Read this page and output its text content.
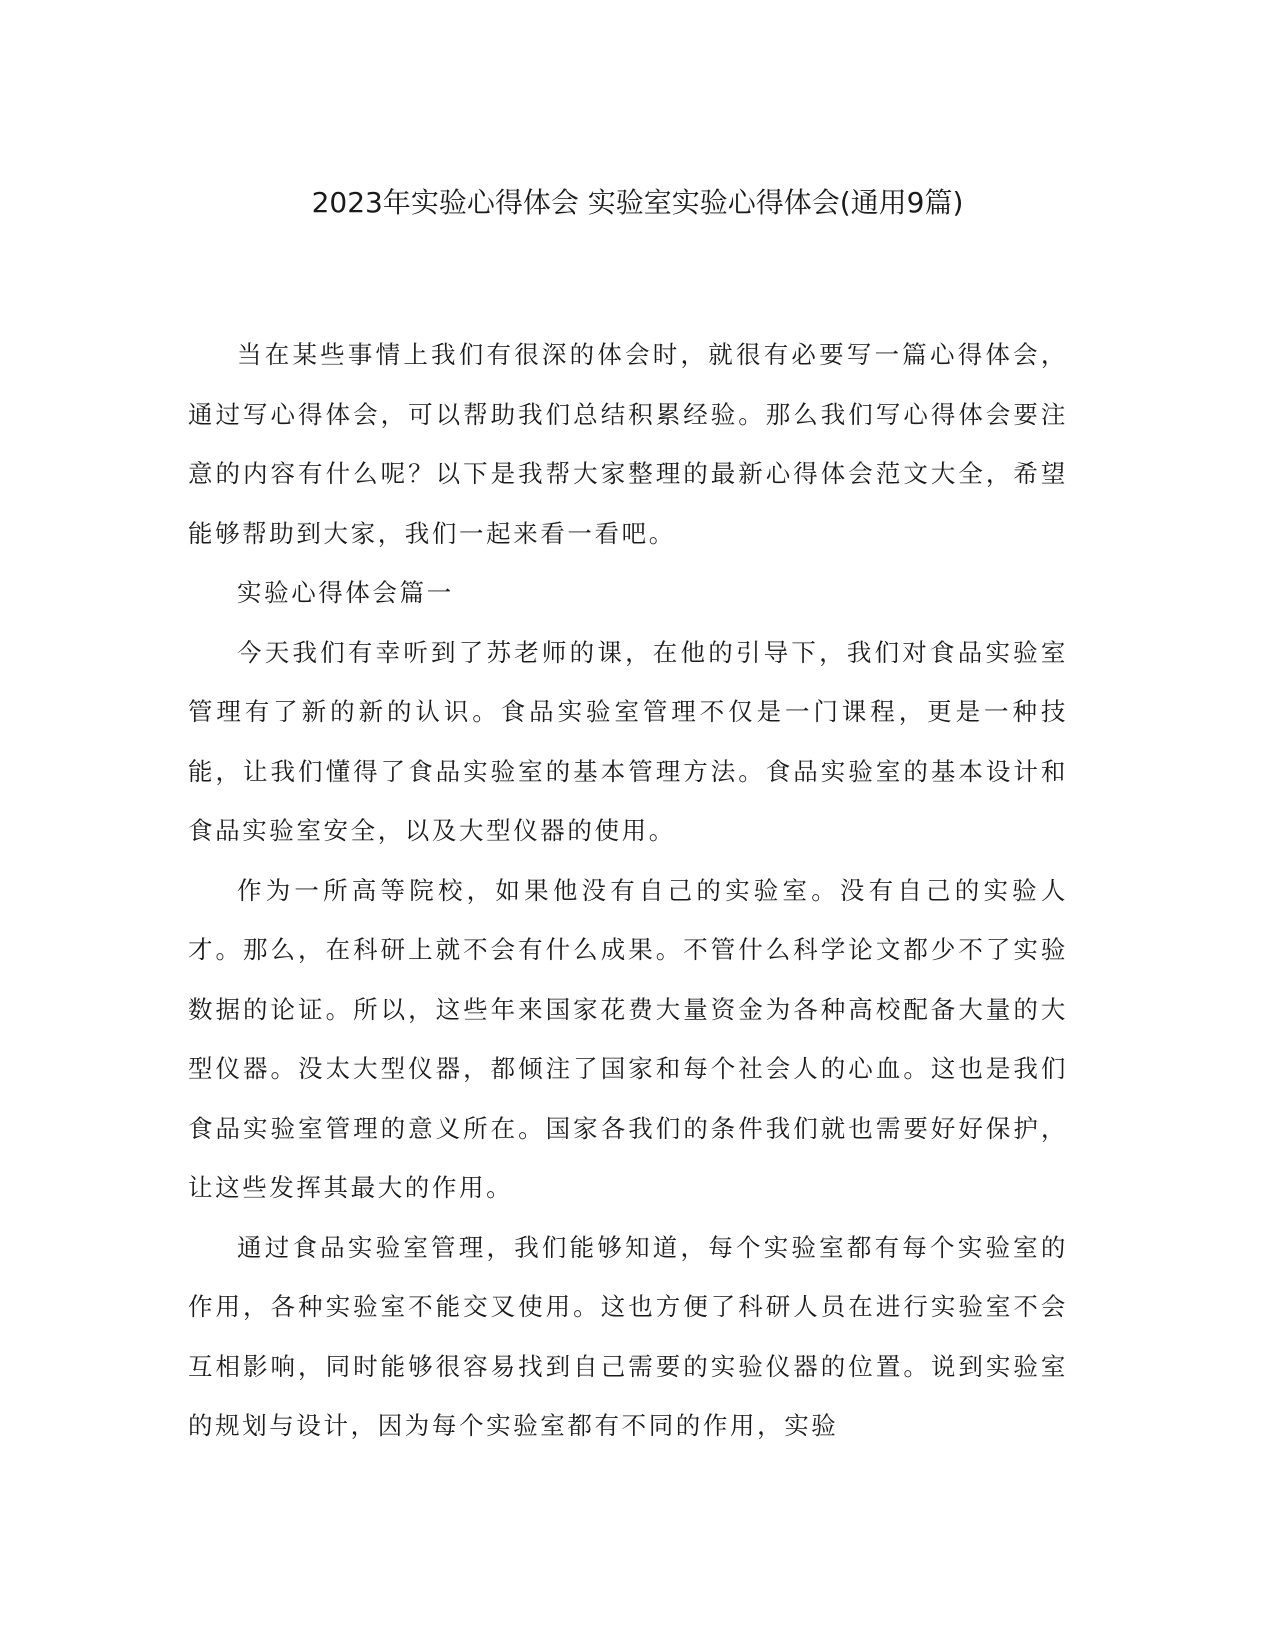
2023年实验心得体会 实验室实验心得体会(通用9篇)

当在某些事情上我们有很深的体会时，就很有必要写一篇心得体会，通过写心得体会，可以帮助我们总结积累经验。那么我们写心得体会要注意的内容有什么呢？以下是我帮大家整理的最新心得体会范文大全，希望能够帮助到大家，我们一起来看一看吧。

实验心得体会篇一

今天我们有幸听到了苏老师的课，在他的引导下，我们对食品实验室管理有了新的新的认识。食品实验室管理不仅是一门课程，更是一种技能，让我们懂得了食品实验室的基本管理方法。食品实验室的基本设计和食品实验室安全，以及大型仪器的使用。

作为一所高等院校，如果他没有自己的实验室。没有自己的实验人才。那么，在科研上就不会有什么成果。不管什么科学论文都少不了实验数据的论证。所以，这些年来国家花费大量资金为各种高校配备大量的大型仪器。没太大型仪器，都倾注了国家和每个社会人的心血。这也是我们食品实验室管理的意义所在。国家各我们的条件我们就也需要好好保护，让这些发挥其最大的作用。

通过食品实验室管理，我们能够知道，每个实验室都有每个实验室的作用，各种实验室不能交叉使用。这也方便了科研人员在进行实验室不会互相影响，同时能够很容易找到自己需要的实验仪器的位置。说到实验室的规划与设计，因为每个实验室都有不同的作用，实验
